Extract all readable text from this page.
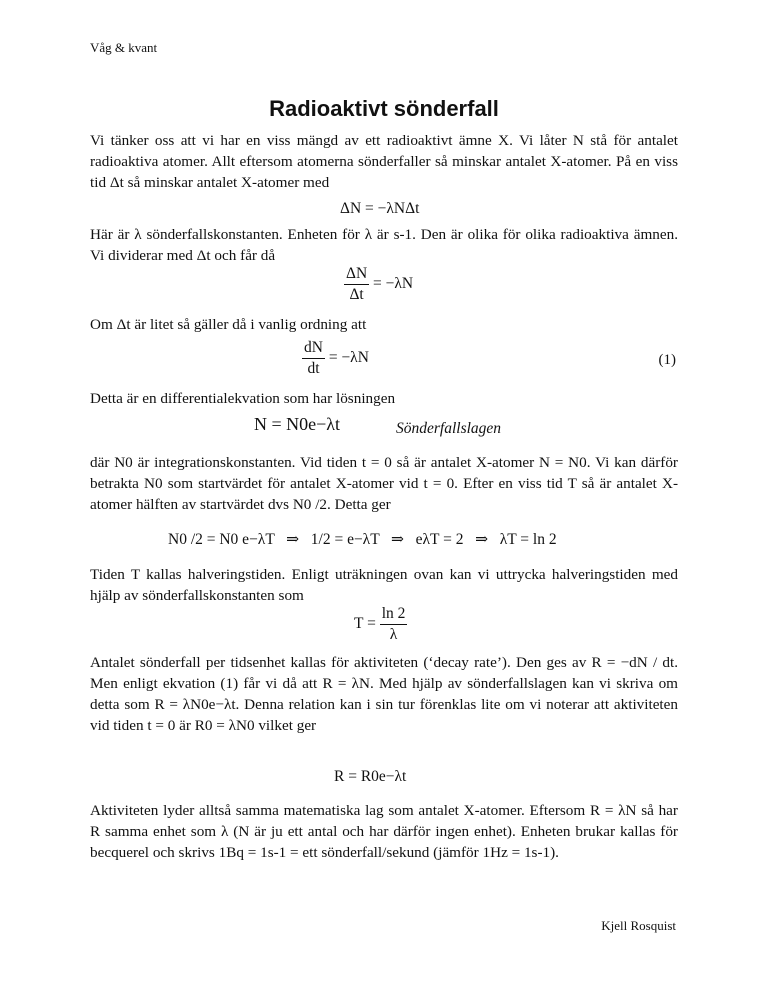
Våg & kvant
Radioaktivt sönderfall
Vi tänker oss att vi har en viss mängd av ett radioaktivt ämne X. Vi låter N stå för antalet radioaktiva atomer. Allt eftersom atomerna sönderfaller så minskar antalet X-atomer. På en viss tid Δt så minskar antalet X-atomer med
ΔN = −λNΔt
Här är λ sönderfallskonstanten. Enheten för λ är s-1. Den är olika för olika radioaktiva ämnen. Vi dividerar med Δt och får då
$\frac{\Delta N}{\Delta t} = -\lambda N$
Om Δt är litet så gäller då i vanlig ordning att
$\frac{dN}{dt} = -\lambda N$	(1)
Detta är en differentialekvation som har lösningen
N = N0e−λt	Sönderfallslagen
där N0 är integrationskonstanten. Vid tiden t = 0 så är antalet X-atomer N = N0. Vi kan därför betrakta N0 som startvärdet för antalet X-atomer vid t = 0. Efter en viss tid T så är antalet X-atomer hälften av startvärdet dvs N0 /2. Detta ger
N0 /2 = N0 e−λT ⇒ 1/2 = e−λT ⇒ eλT = 2 ⇒ λT = ln 2
Tiden T kallas halveringstiden. Enligt uträkningen ovan kan vi uttrycka halveringstiden med hjälp av sönderfallskonstanten som
$T = \frac{\ln 2}{\lambda}$
Antalet sönderfall per tidsenhet kallas för aktiviteten (‘decay rate’). Den ges av R = −dN / dt. Men enligt ekvation (1) får vi då att R = λN. Med hjälp av sönderfallslagen kan vi skriva om detta som R = λN0e−λt. Denna relation kan i sin tur förenklas lite om vi noterar att aktiviteten vid tiden t = 0 är R0 = λN0 vilket ger
R = R0e−λt
Aktiviteten lyder alltså samma matematiska lag som antalet X-atomer. Eftersom R = λN så har R samma enhet som λ (N är ju ett antal och har därför ingen enhet). Enheten brukar kallas för becquerel och skrivs 1Bq = 1s-1 = ett sönderfall/sekund (jämför 1Hz = 1s-1).
Kjell Rosquist
